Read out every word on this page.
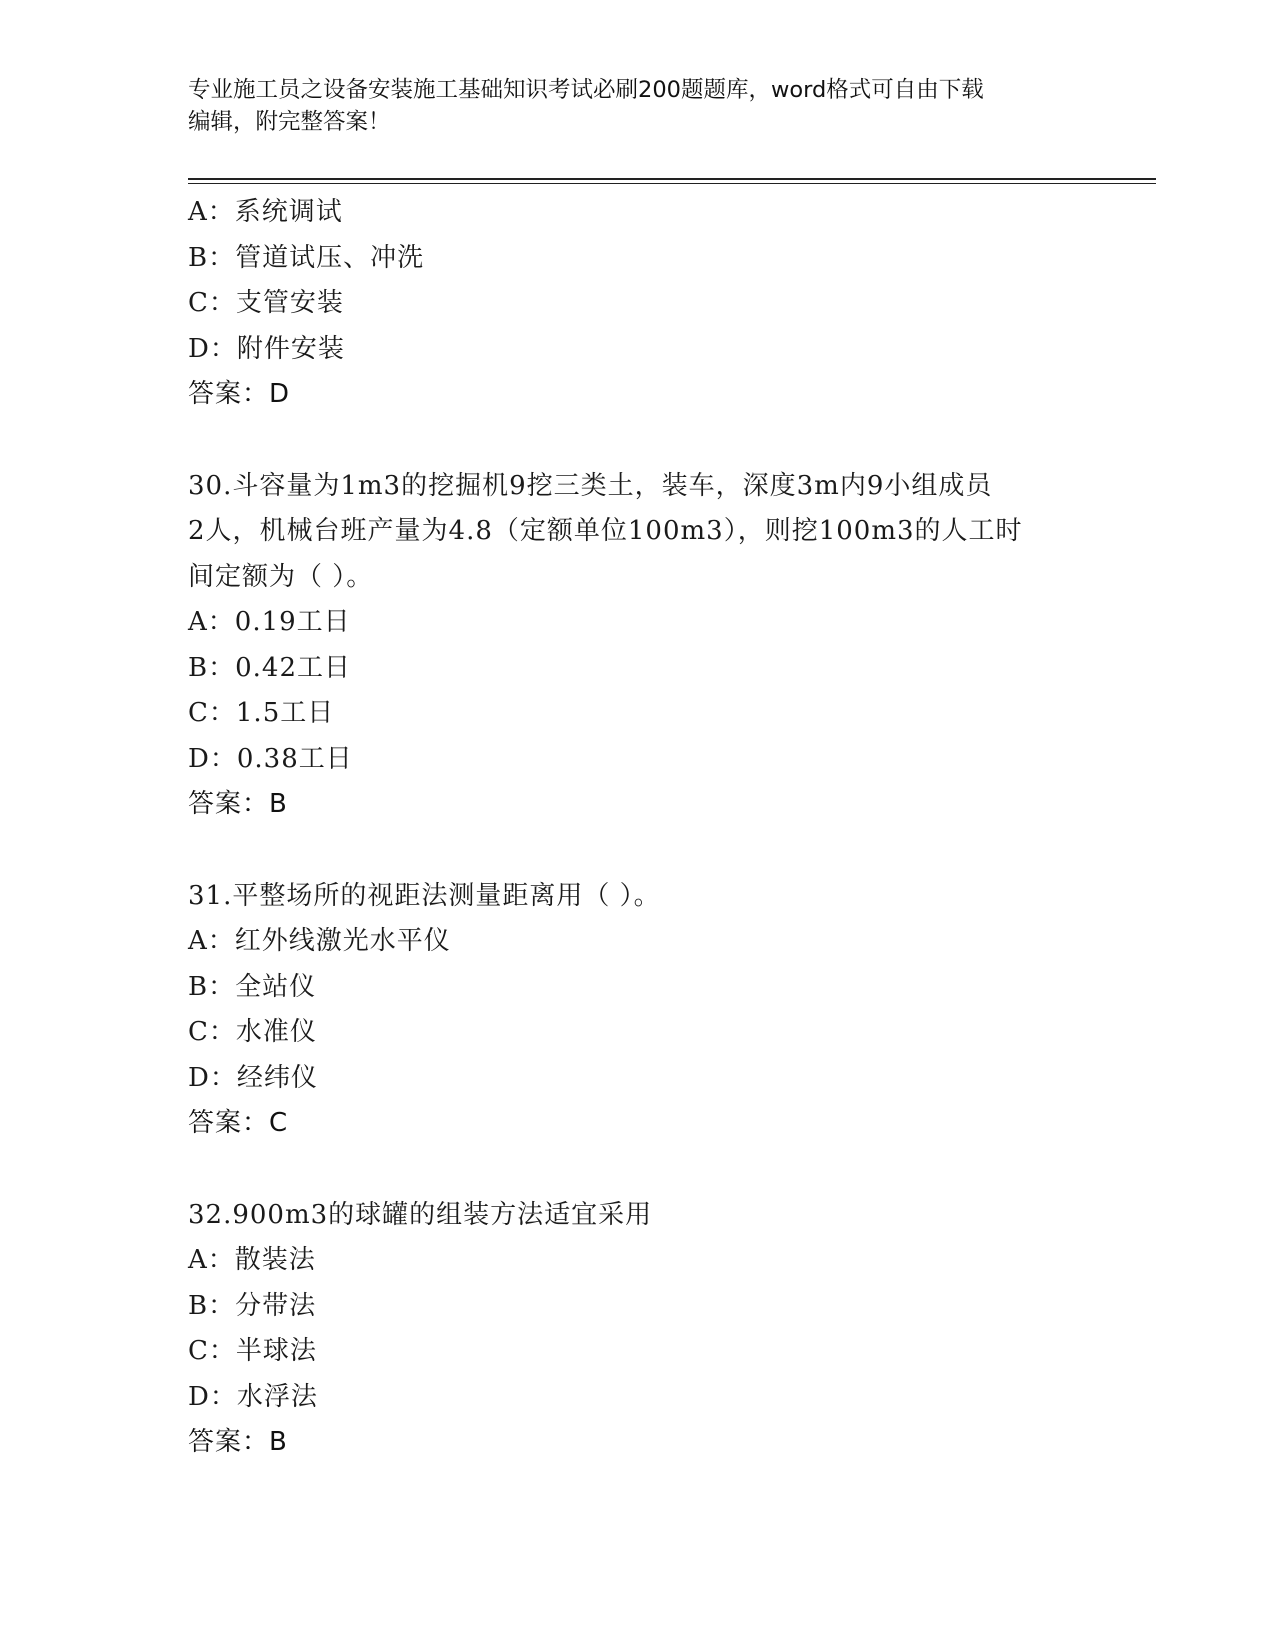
专业施工员之设备安装施工基础知识考试必刷200题题库，word格式可自由下载
编辑，附完整答案！
A：系统调试
B：管道试压、冲洗
C：支管安装
D：附件安装
答案：D
30.斗容量为1m3的挖掘机9挖三类土，装车，深度3m内9小组成员
2人，机械台班产量为4.8（定额单位100m3），则挖100m3的人工时
间定额为（ ）。
A：0.19工日
B：0.42工日
C：1.5工日
D：0.38工日
答案：B
31.平整场所的视距法测量距离用（ ）。
A：红外线激光水平仪
B：全站仪
C：水准仪
D：经纬仪
答案：C
32.900m3的球罐的组装方法适宜采用
A：散装法
B：分带法
C：半球法
D：水浮法
答案：B
